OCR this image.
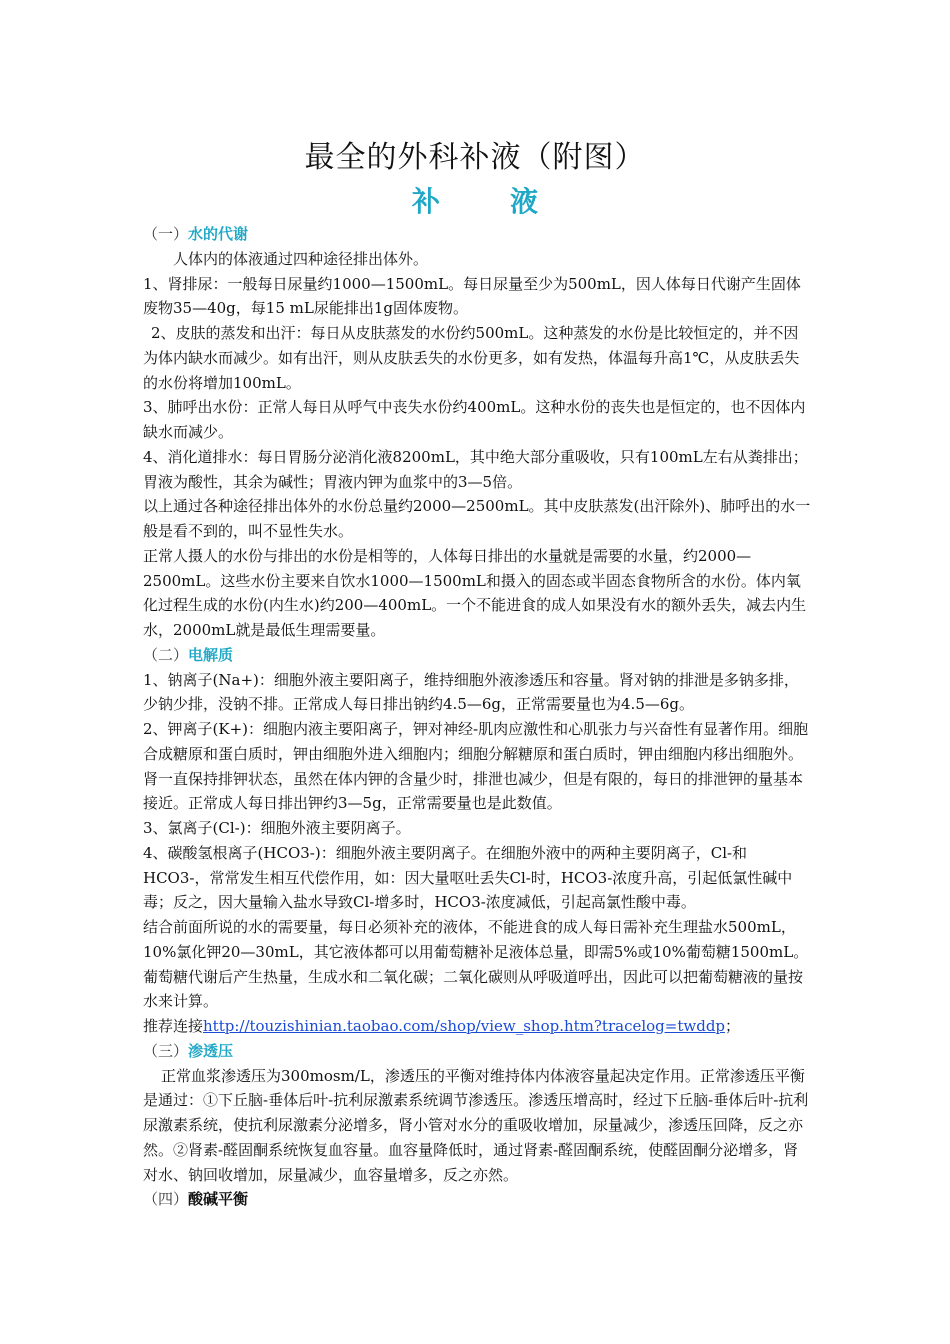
最全的外科补液（附图）
补液

（一）水的代谢

人体内的体液通过四种途径排出体外。

1、肾排尿：一般每日尿量约1000—1500mL。每日尿量至少为500mL，因人体每日代谢产生固体废物35—40g，每15 mL尿能排出1g固体废物。

2、皮肤的蒸发和出汗：每日从皮肤蒸发的水份约500mL。这种蒸发的水份是比较恒定的，并不因为体内缺水而减少。如有出汗，则从皮肤丢失的水份更多，如有发热，体温每升高1℃，从皮肤丢失的水份将增加100mL。

3、肺呼出水份：正常人每日从呼气中丧失水份约400mL。这种水份的丧失也是恒定的，也不因体内缺水而减少。

4、消化道排水：每日胃肠分泌消化液8200mL，其中绝大部分重吸收，只有100mL左右从粪排出；胃液为酸性，其余为碱性；胃液内钾为血浆中的3—5倍。

以上通过各种途径排出体外的水份总量约2000—2500mL。其中皮肤蒸发(出汗除外)、肺呼出的水一般是看不到的，叫不显性失水。

正常人摄人的水份与排出的水份是相等的，人体每日排出的水量就是需要的水量，约2000—2500mL。这些水份主要来自饮水1000—1500mL和摄入的固态或半固态食物所含的水份。体内氧化过程生成的水份(内生水)约200—400mL。一个不能进食的成人如果没有水的额外丢失，减去内生水，2000mL就是最低生理需要量。

（二）电解质

1、钠离子(Na+)：细胞外液主要阳离子，维持细胞外液渗透压和容量。肾对钠的排泄是多钠多排，少钠少排，没钠不排。正常成人每日排出钠约4.5—6g，正常需要量也为4.5—6g。

2、钾离子(K+)：细胞内液主要阳离子，钾对神经-肌肉应激性和心肌张力与兴奋性有显著作用。细胞合成糖原和蛋白质时，钾由细胞外进入细胞内；细胞分解糖原和蛋白质时，钾由细胞内移出细胞外。肾一直保持排钾状态，虽然在体内钾的含量少时，排泄也减少，但是有限的，每日的排泄钾的量基本接近。正常成人每日排出钾约3—5g，正常需要量也是此数值。

3、氯离子(Cl-)：细胞外液主要阴离子。

4、碳酸氢根离子(HCO3-)：细胞外液主要阴离子。在细胞外液中的两种主要阴离子，Cl-和HCO3-，常常发生相互代偿作用，如：因大量呕吐丢失Cl-时，HCO3-浓度升高，引起低氯性碱中毒；反之，因大量输入盐水导致Cl-增多时，HCO3-浓度减低，引起高氯性酸中毒。

结合前面所说的水的需要量，每日必须补充的液体，不能进食的成人每日需补充生理盐水500mL，10%氯化钾20—30mL，其它液体都可以用葡萄糖补足液体总量，即需5%或10%葡萄糖1500mL。葡萄糖代谢后产生热量，生成水和二氧化碳；二氧化碳则从呼吸道呼出，因此可以把葡萄糖液的量按水来计算。

推荐连接http://touzishinian.taobao.com/shop/view_shop.htm?tracelog=twddp；

（三）渗透压

正常血浆渗透压为300mosm/L，渗透压的平衡对维持体内体液容量起决定作用。正常渗透压平衡是通过：①下丘脑-垂体后叶-抗利尿激素系统调节渗透压。渗透压增高时，经过下丘脑-垂体后叶-抗利尿激素系统，使抗利尿激素分泌增多，肾小管对水分的重吸收增加，尿量减少，渗透压回降，反之亦然。②肾素-醛固酮系统恢复血容量。血容量降低时，通过肾素-醛固酮系统，使醛固酮分泌增多，肾对水、钠回收增加，尿量减少，血容量增多，反之亦然。

（四）酸碱平衡
